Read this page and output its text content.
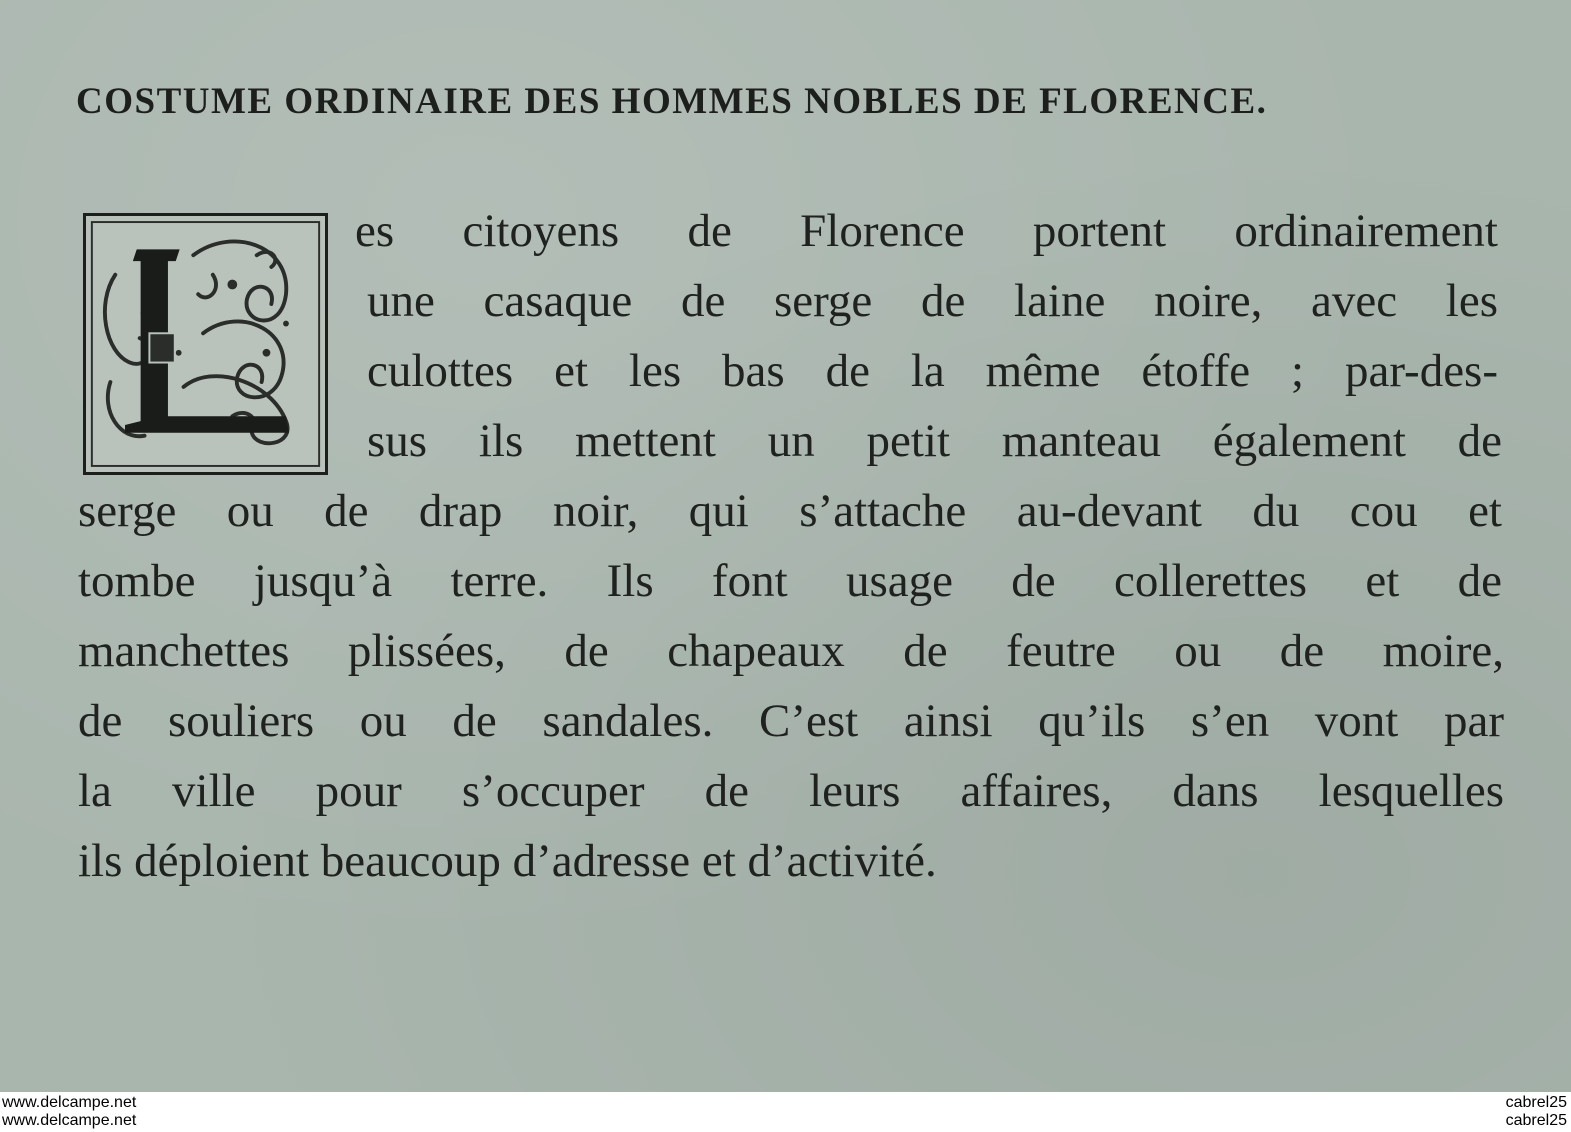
COSTUME ORDINAIRE DES HOMMES NOBLES DE FLORENCE.

es citoyens de Florence portent ordinairement

une casaque de serge de laine noire, avec les

culottes et les bas de la même étoffe ; par-des-

sus ils mettent un petit manteau également de

serge ou de drap noir, qui s’attache au-devant du cou et

tombe jusqu’à terre. Ils font usage de collerettes et de

manchettes plissées, de chapeaux de feutre ou de moire,

de souliers ou de sandales. C’est ainsi qu’ils s’en vont par

la ville pour s’occuper de leurs affaires, dans lesquelles

ils déploient beaucoup d’adresse et d’activité.

www.delcampe.net
www.delcampe.net
cabrel25
cabrel25
